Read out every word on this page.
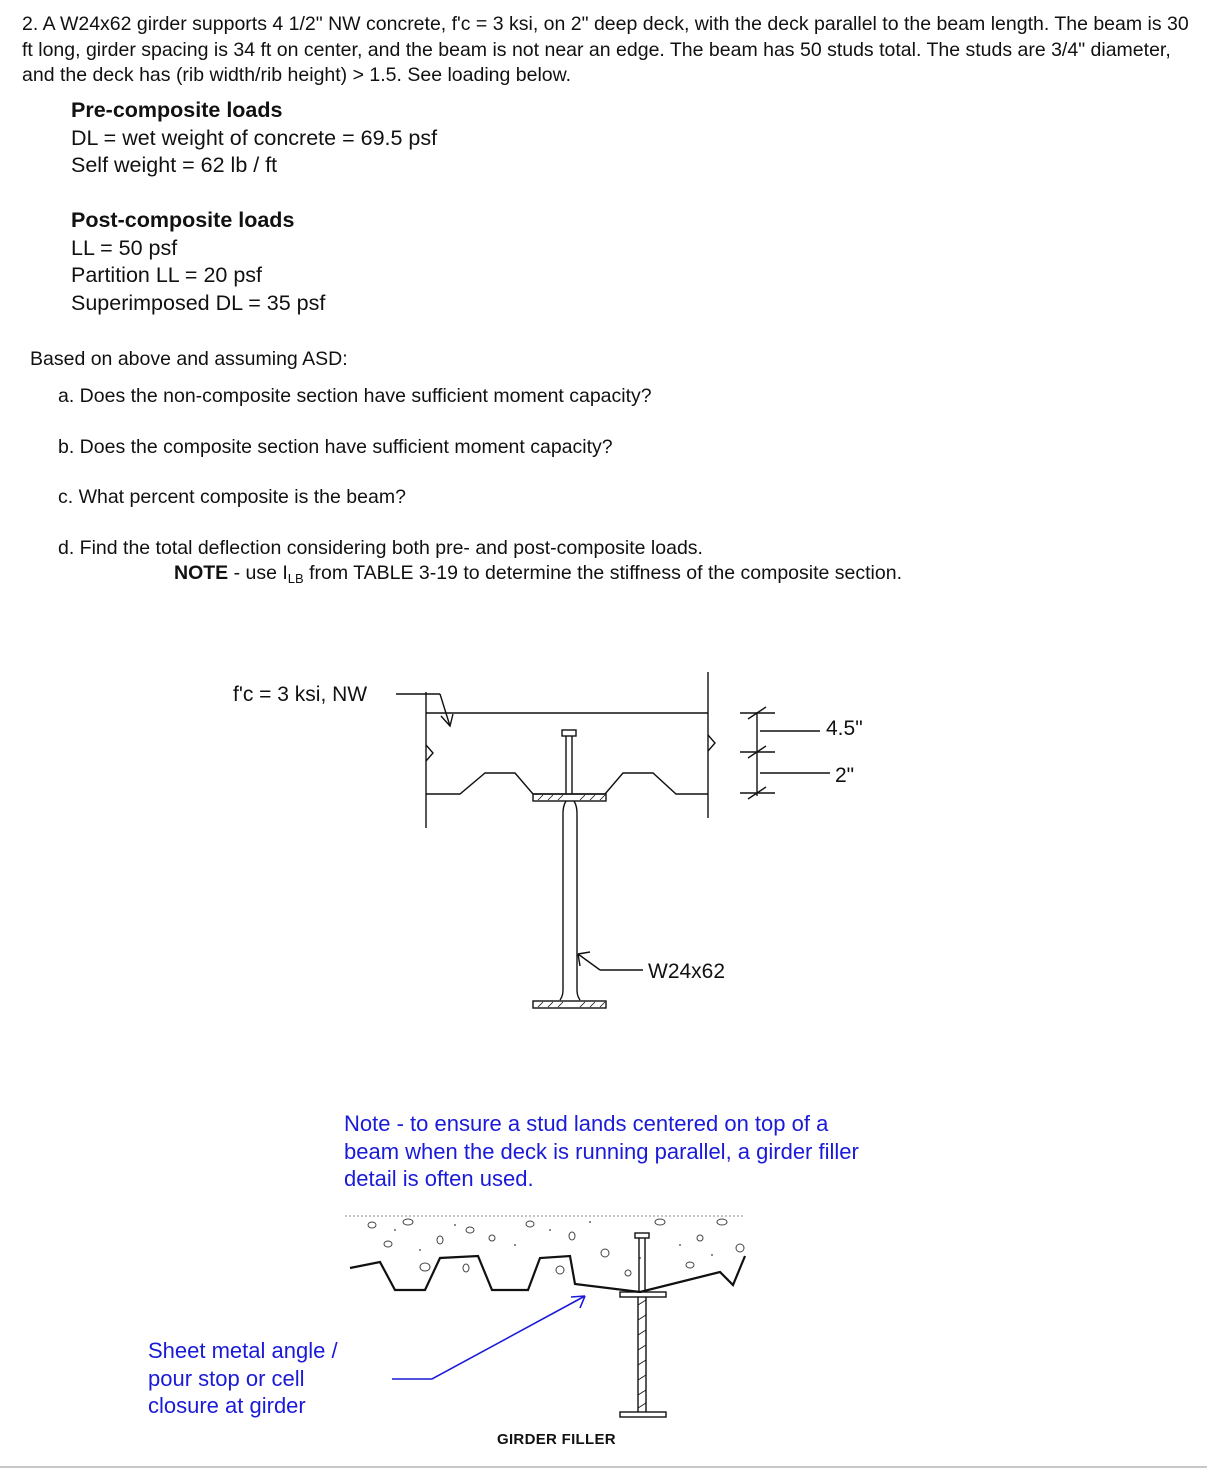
2. A W24x62 girder supports 4 1/2" NW concrete, f'c = 3 ksi, on 2" deep deck, with the deck parallel to the beam length. The beam is 30 ft long, girder spacing is 34 ft on center, and the beam is not near an edge. The beam has 50 studs total. The studs are 3/4" diameter, and the deck has (rib width/rib height) > 1.5. See loading below.
Pre-composite loads
DL = wet weight of concrete = 69.5 psf
Self weight = 62 lb / ft
Post-composite loads
LL = 50 psf
Partition LL = 20 psf
Superimposed DL = 35 psf
Based on above and assuming ASD:
a. Does the non-composite section have sufficient moment capacity?
b. Does the composite section have sufficient moment capacity?
c. What percent composite is the beam?
d. Find the total deflection considering both pre- and post-composite loads.
NOTE - use $I_{LB}$ from TABLE 3-19 to determine the stiffness of the composite section.
f'c = 3 ksi, NW
4.5"
2"
W24x62
Note - to ensure a stud lands centered on top of a beam when the deck is running parallel, a girder filler detail is often used.
Sheet metal angle / pour stop or cell closure at girder
GIRDER FILLER
